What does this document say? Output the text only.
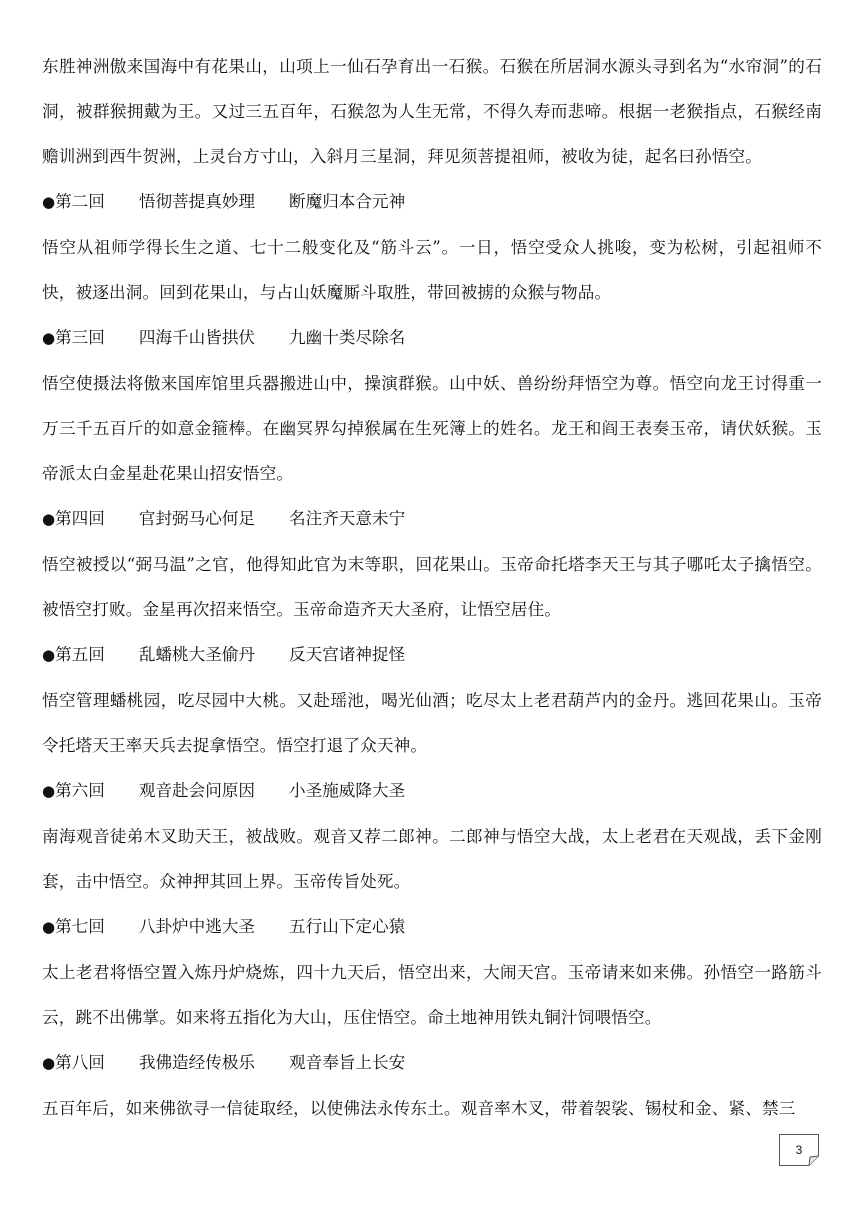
东胜神洲傲来国海中有花果山，山项上一仙石孕育出一石猴。石猴在所居洞水源头寻到名为“水帘洞”的石洞，被群猴拥戴为王。又过三五百年，石猴忽为人生无常，不得久寿而悲啼。根据一老猴指点，石猴经南赡训洲到西牛贺洲，上灵台方寸山，入斜月三星洞，拜见须菩提祖师，被收为徒，起名曰孙悟空。

●第二回 悟彻菩提真妙理 断魔归本合元神

悟空从祖师学得长生之道、七十二般变化及“筋斗云”。一日，悟空受众人挑唆，变为松树，引起祖师不快，被逐出洞。回到花果山，与占山妖魔厮斗取胜，带回被掳的众猴与物品。

●第三回 四海千山皆拱伏 九幽十类尽除名

悟空使摄法将傲来国库馆里兵器搬进山中，操演群猴。山中妖、兽纷纷拜悟空为尊。悟空向龙王讨得重一万三千五百斤的如意金箍棒。在幽冥界勾掉猴属在生死簿上的姓名。龙王和阎王表奏玉帝，请伏妖猴。玉帝派太白金星赴花果山招安悟空。

●第四回 官封弼马心何足 名注齐天意未宁

悟空被授以“弼马温”之官，他得知此官为末等职，回花果山。玉帝命托塔李天王与其子哪吒太子擒悟空。被悟空打败。金星再次招来悟空。玉帝命造齐天大圣府，让悟空居住。

●第五回 乱蟠桃大圣偷丹 反天宫诸神捉怪

悟空管理蟠桃园，吃尽园中大桃。又赴瑶池，喝光仙酒；吃尽太上老君葫芦内的金丹。逃回花果山。玉帝令托塔天王率天兵去捉拿悟空。悟空打退了众天神。

●第六回 观音赴会问原因 小圣施威降大圣

南海观音徒弟木叉助天王，被战败。观音又荐二郎神。二郎神与悟空大战，太上老君在天观战，丢下金刚套，击中悟空。众神押其回上界。玉帝传旨处死。

●第七回 八卦炉中逃大圣 五行山下定心猿

太上老君将悟空置入炼丹炉烧炼，四十九天后，悟空出来，大闹天宫。玉帝请来如来佛。孙悟空一路筋斗云，跳不出佛掌。如来将五指化为大山，压住悟空。命土地神用铁丸铜汁饲喂悟空。

●第八回 我佛造经传极乐 观音奉旨上长安

五百年后，如来佛欲寻一信徒取经，以使佛法永传东土。观音率木叉，带着袈裟、锡杖和金、紧、禁三

3
